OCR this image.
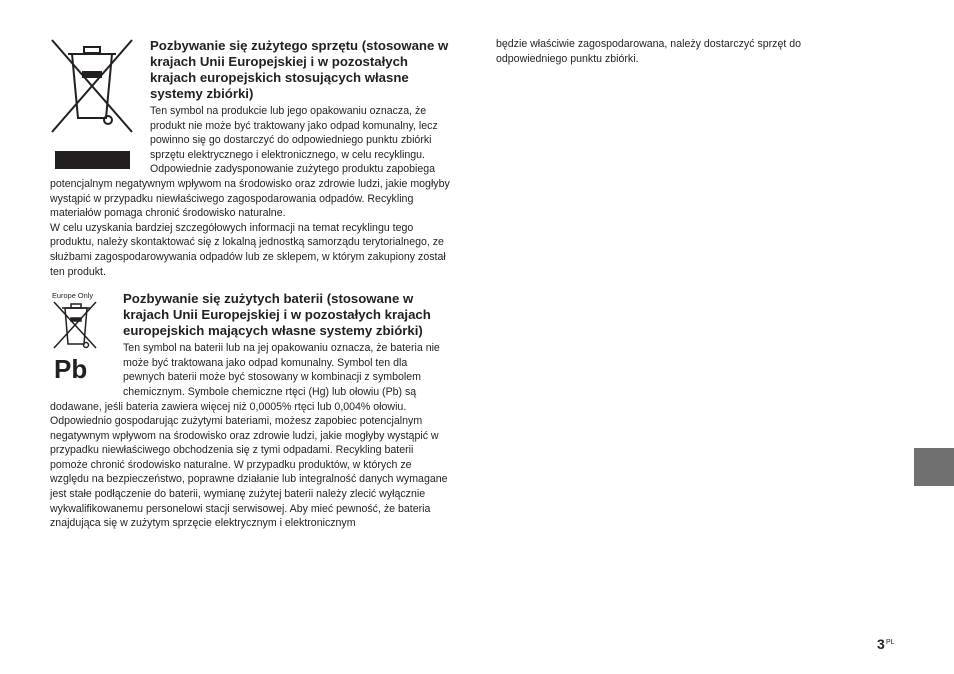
Pozbywanie się zużytego sprzętu (stosowane w krajach Unii Europejskiej i w pozostałych krajach europejskich stosujących własne systemy zbiórki)

Ten symbol na produkcie lub jego opakowaniu oznacza, że produkt nie może być traktowany jako odpad komunalny, lecz powinno się go dostarczyć do odpowiedniego punktu zbiórki sprzętu elektrycznego i elektronicznego, w celu recyklingu.

Odpowiednie zadysponowanie zużytego produktu zapobiega potencjalnym negatywnym wpływom na środowisko oraz zdrowie ludzi, jakie mogłyby wystąpić w przypadku niewłaściwego zagospodarowania odpadów. Recykling materiałów pomaga chronić środowisko naturalne.

W celu uzyskania bardziej szczegółowych informacji na temat recyklingu tego produktu, należy skontaktować się z lokalną jednostką samorządu terytorialnego, ze służbami zagospodarowywania odpadów lub ze sklepem, w którym zakupiony został ten produkt.

Europe Only
Pb
Pozbywanie się zużytych baterii (stosowane w krajach Unii Europejskiej i w pozostałych krajach europejskich mających własne systemy zbiórki)

Ten symbol na baterii lub na jej opakowaniu oznacza, że bateria nie może być traktowana jako odpad komunalny. Symbol ten dla pewnych baterii może być stosowany w kombinacji z symbolem chemicznym. Symbole chemiczne rtęci (Hg) lub ołowiu (Pb) są dodawane, jeśli bateria zawiera więcej niż 0,0005% rtęci lub 0,004% ołowiu.

Odpowiednio gospodarując zużytymi bateriami, możesz zapobiec potencjalnym negatywnym wpływom na środowisko oraz zdrowie ludzi, jakie mogłyby wystąpić w przypadku niewłaściwego obchodzenia się z tymi odpadami. Recykling baterii pomoże chronić środowisko naturalne. W przypadku produktów, w których ze względu na bezpieczeństwo, poprawne działanie lub integralność danych wymagane jest stałe podłączenie do baterii, wymianę zużytej baterii należy zlecić wyłącznie wykwalifikowanemu personelowi stacji serwisowej. Aby mieć pewność, że bateria znajdująca się w zużytym sprzęcie elektrycznym i elektronicznym

będzie właściwie zagospodarowana, należy dostarczyć sprzęt do odpowiedniego punktu zbiórki.

3 PL
